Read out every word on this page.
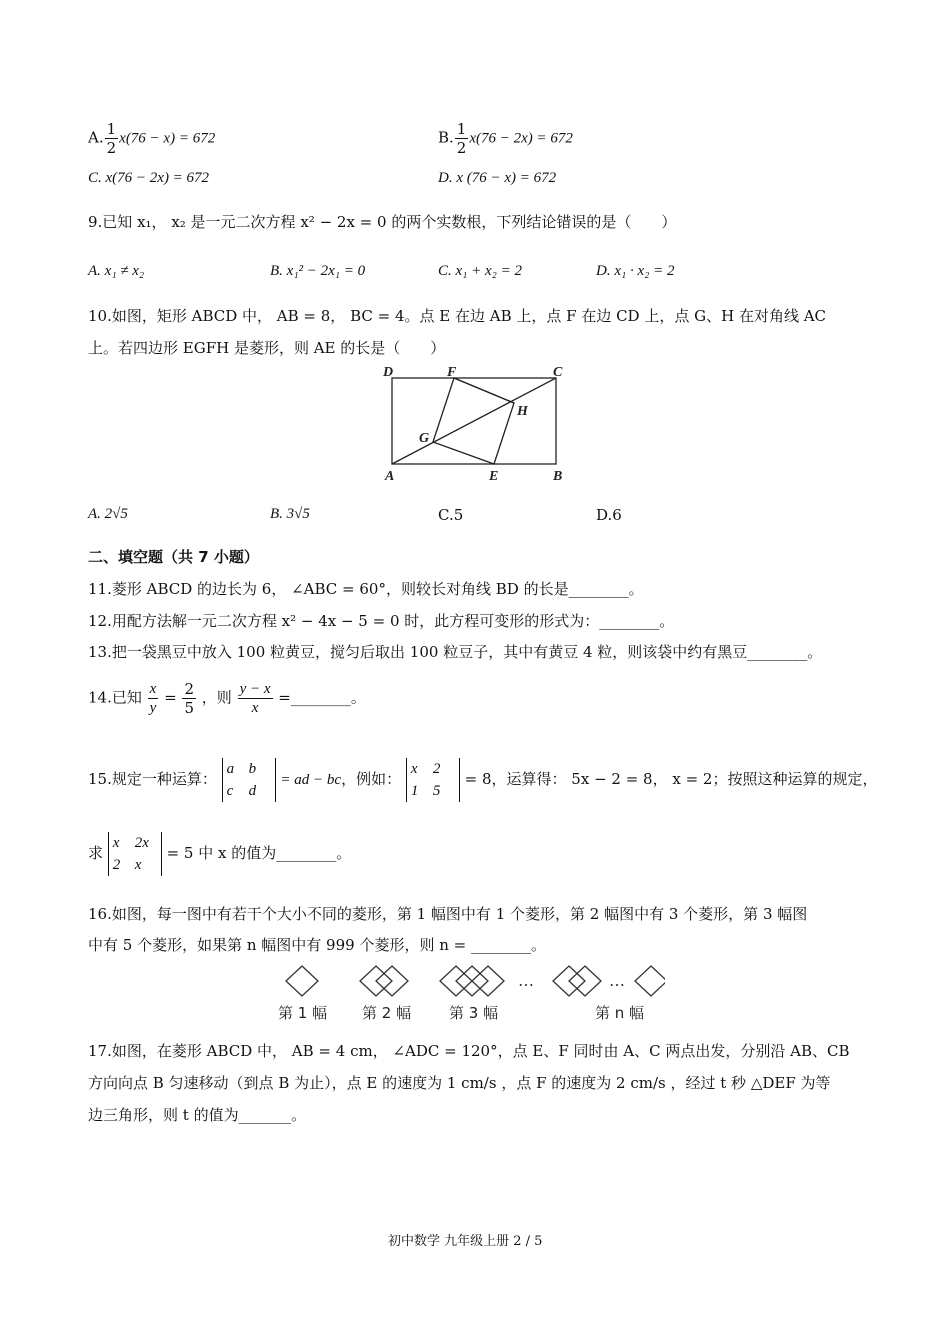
A. $\frac{1}{2} x(76 - x) = 672$	B. $\frac{1}{2} x(76 - 2x) = 672$
C. x(76 − 2x) = 672	D. x (76 − x) = 672
9.已知 x₁， x₂ 是一元二次方程 x² − 2x = 0 的两个实数根，下列结论错误的是（　　）
A. x₁ ≠ x₂	B. x₁² − 2x₁ = 0	C. x₁ + x₂ = 2	D. x₁ · x₂ = 2
10.如图，矩形 ABCD 中， AB = 8， BC = 4。点 E 在边 AB 上，点 F 在边 CD 上，点 G、H 在对角线 AC
上。若四边形 EGFH 是菱形，则 AE 的长是（　　）
D	F	C
H
G
A	E	B
A. 2√5	B. 3√5	C.5	D.6
二、填空题（共 7 小题）
11.菱形 ABCD 的边长为 6， ∠ABC = 60°，则较长对角线 BD 的长是________。
12.用配方法解一元二次方程 x² − 4x − 5 = 0 时，此方程可变形的形式为：________。
13.把一袋黑豆中放入 100 粒黄豆，搅匀后取出 100 粒豆子，其中有黄豆 4 粒，则该袋中约有黑豆________。
14.已知 $\frac{x}{y} = \frac{2}{5}$ ，则 $\frac{y - x}{x}$ =________。
15.规定一种运算： a b
c d = ad − bc，例如： x 2
1 5 = 8，运算得： 5x − 2 = 8， x = 2；按照这种运算的规定，
求 x 2x
2 x = 5 中 x 的值为________。
16.如图，每一图中有若干个大小不同的菱形，第 1 幅图中有 1 个菱形，第 2 幅图中有 3 个菱形，第 3 幅图
中有 5 个菱形，如果第 n 幅图中有 999 个菱形，则 n = ________。
…	…
第 1 幅 第 2 幅	第 3 幅	第 n 幅
17.如图，在菱形 ABCD 中， AB = 4 cm， ∠ADC = 120°，点 E、F 同时由 A、C 两点出发，分别沿 AB、CB
方向向点 B 匀速移动（到点 B 为止），点 E 的速度为 1 cm/s ，点 F 的速度为 2 cm/s ，经过 t 秒 △DEF 为等
边三角形，则 t 的值为_______。
初中数学 九年级上册 2 / 5
